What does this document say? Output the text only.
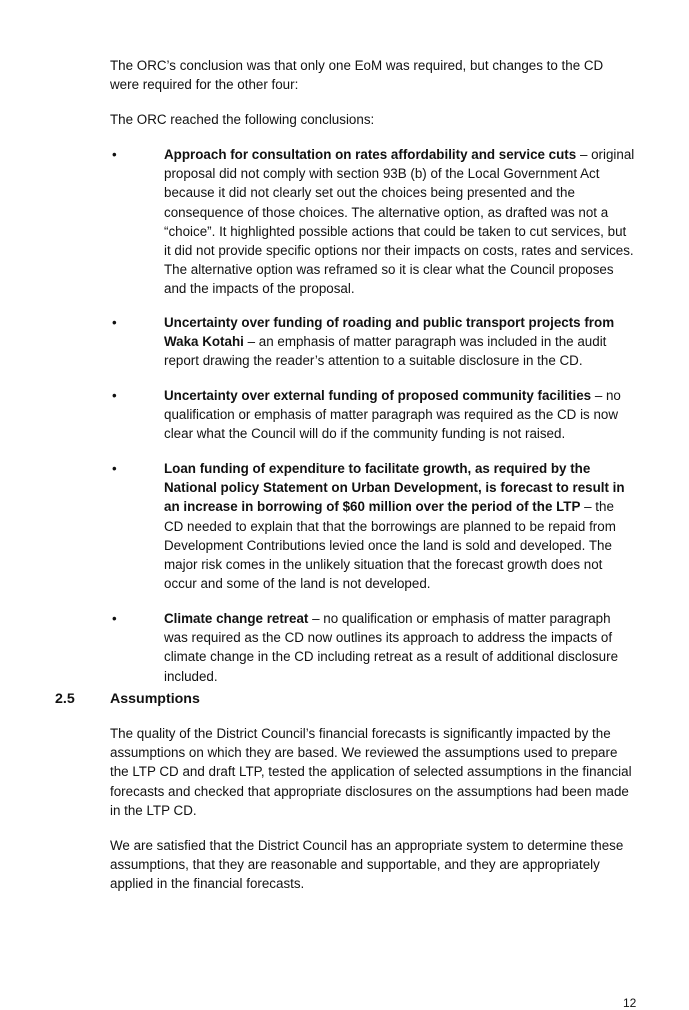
The ORC’s conclusion was that only one EoM was required, but changes to the CD were required for the other four:

The ORC reached the following conclusions:

•	Approach for consultation on rates affordability and service cuts – original proposal did not comply with section 93B (b) of the Local Government Act because it did not clearly set out the choices being presented and the consequence of those choices. The alternative option, as drafted was not a “choice”. It highlighted possible actions that could be taken to cut services, but it did not provide specific options nor their impacts on costs, rates and services. The alternative option was reframed so it is clear what the Council proposes and the impacts of the proposal.

•	Uncertainty over funding of roading and public transport projects from Waka Kotahi – an emphasis of matter paragraph was included in the audit report drawing the reader’s attention to a suitable disclosure in the CD.

•	Uncertainty over external funding of proposed community facilities – no qualification or emphasis of matter paragraph was required as the CD is now clear what the Council will do if the community funding is not raised.

•	Loan funding of expenditure to facilitate growth, as required by the National policy Statement on Urban Development, is forecast to result in an increase in borrowing of $60 million over the period of the LTP – the CD needed to explain that that the borrowings are planned to be repaid from Development Contributions levied once the land is sold and developed. The major risk comes in the unlikely situation that the forecast growth does not occur and some of the land is not developed.

•	Climate change retreat – no qualification or emphasis of matter paragraph was required as the CD now outlines its approach to address the impacts of climate change in the CD including retreat as a result of additional disclosure included.

2.5 Assumptions

The quality of the District Council’s financial forecasts is significantly impacted by the assumptions on which they are based. We reviewed the assumptions used to prepare the LTP CD and draft LTP, tested the application of selected assumptions in the financial forecasts and checked that appropriate disclosures on the assumptions had been made in the LTP CD.

We are satisfied that the District Council has an appropriate system to determine these assumptions, that they are reasonable and supportable, and they are appropriately applied in the financial forecasts.

12
